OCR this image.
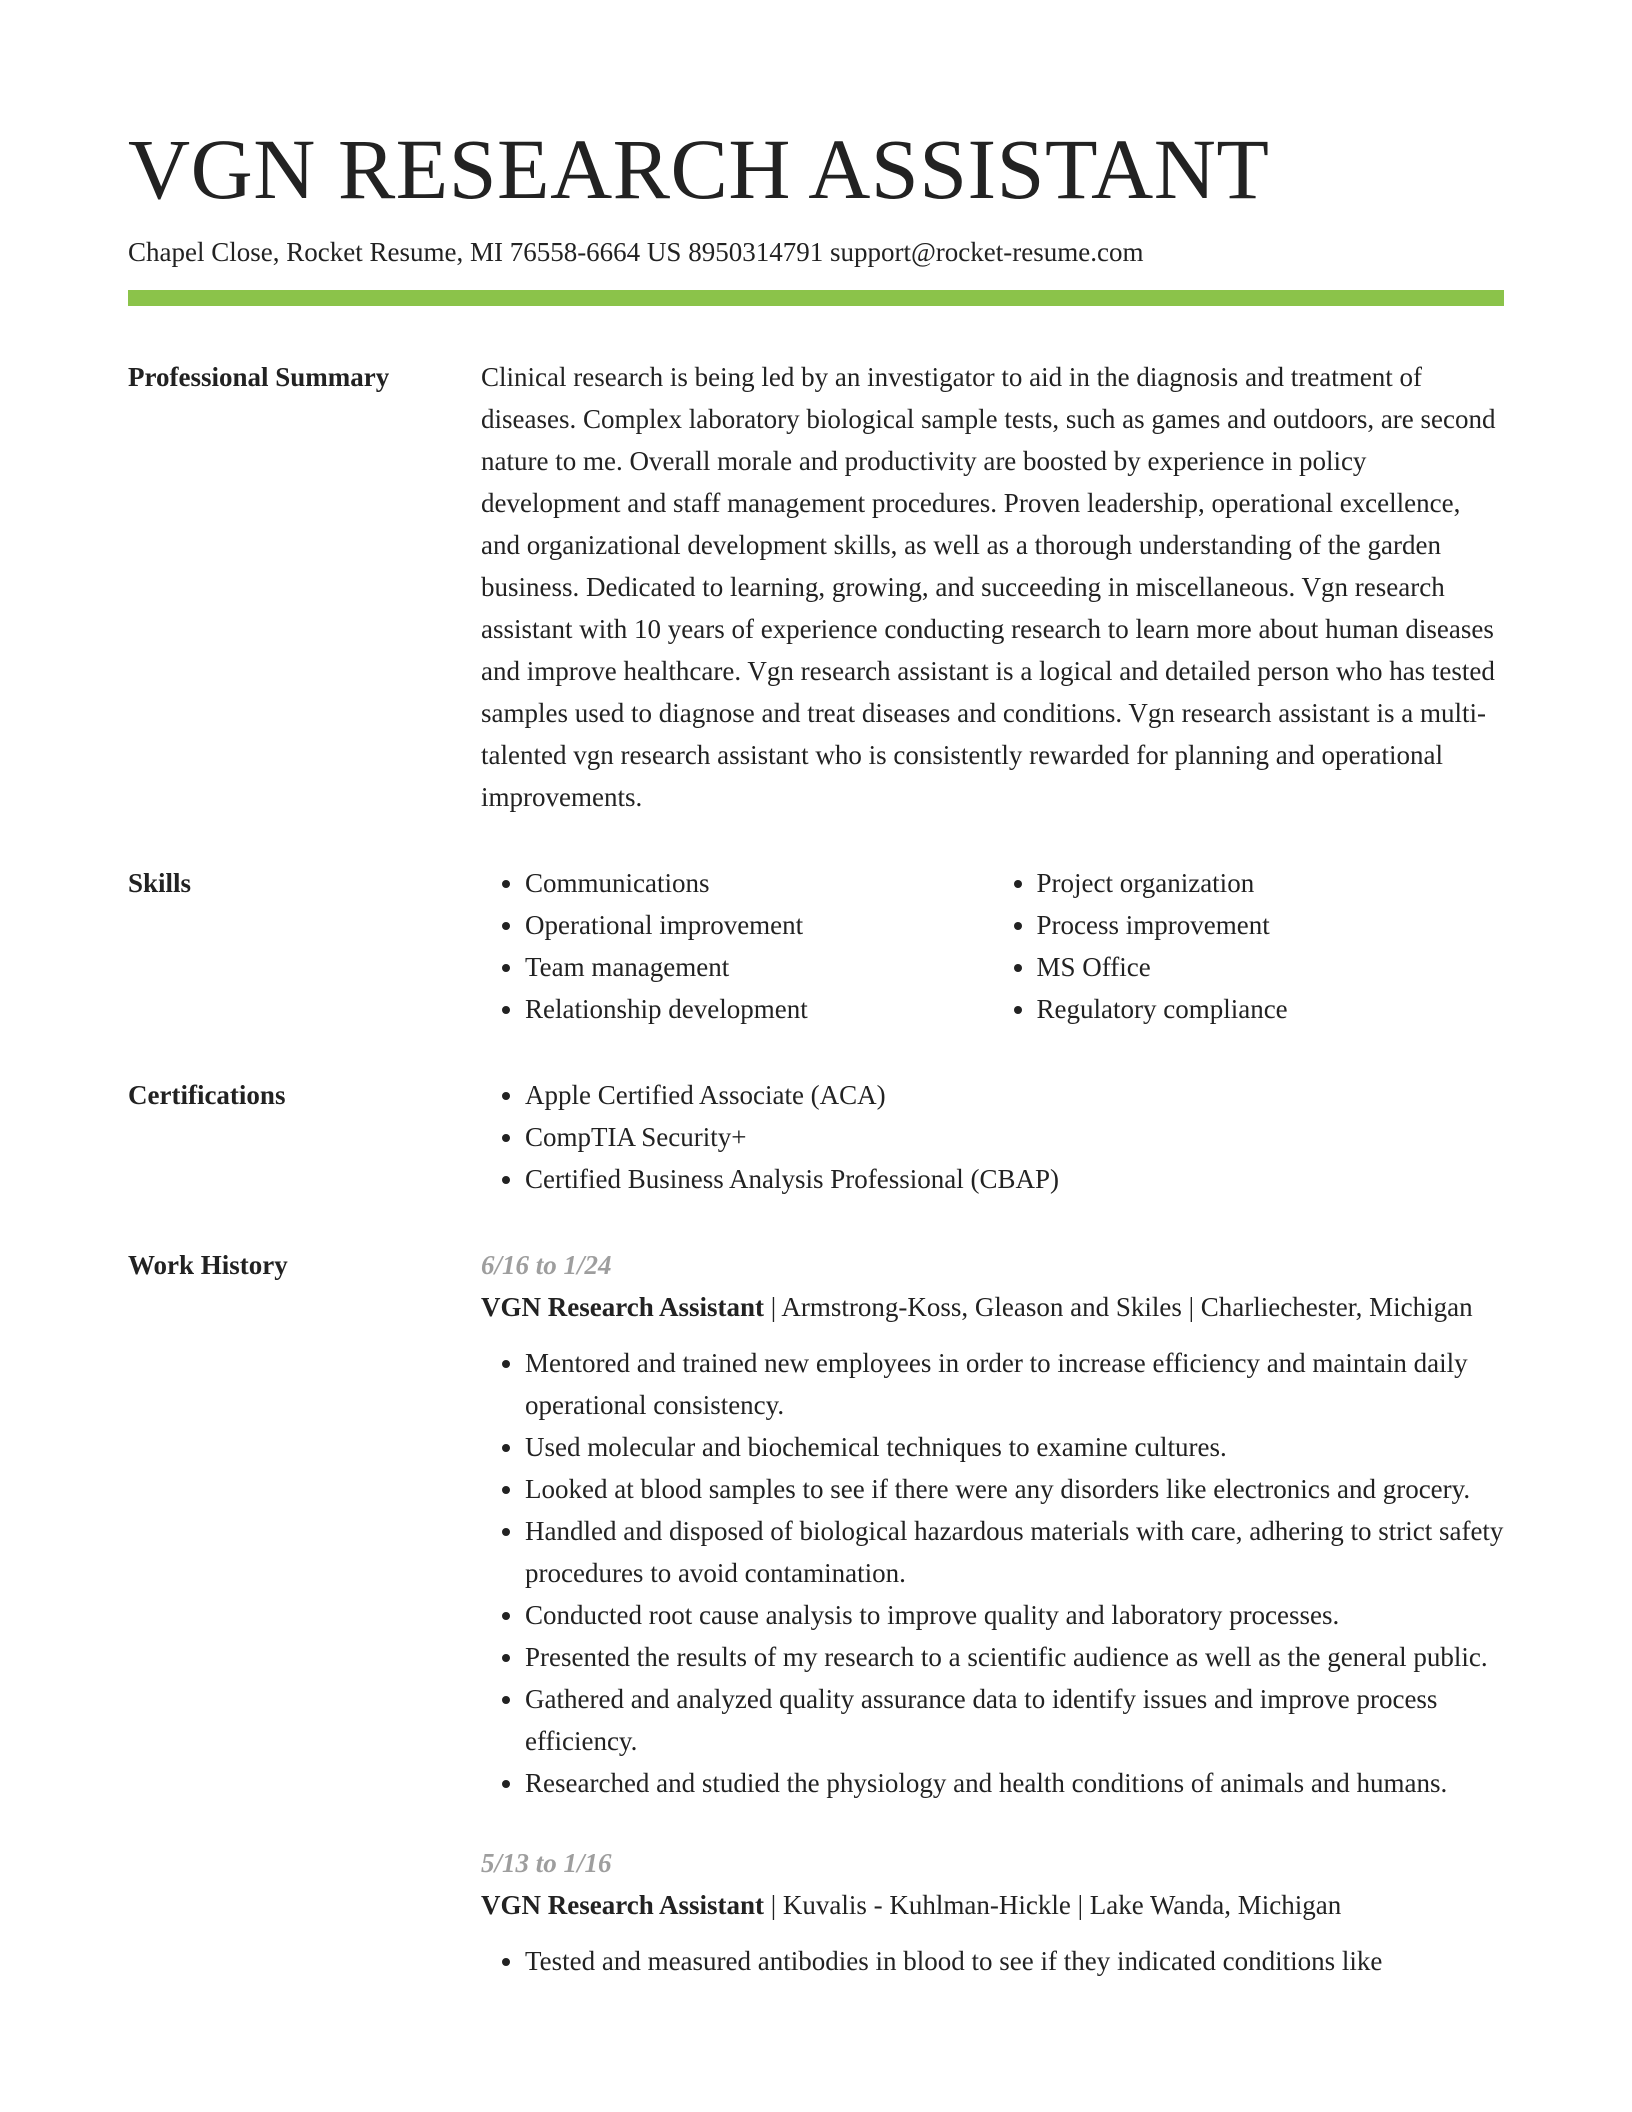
VGN RESEARCH ASSISTANT
Chapel Close, Rocket Resume, MI 76558-6664 US 8950314791 support@rocket-resume.com
Professional Summary	Clinical research is being led by an investigator to aid in the diagnosis and treatment of diseases. Complex laboratory biological sample tests, such as games and outdoors, are second nature to me. Overall morale and productivity are boosted by experience in policy development and staff management procedures. Proven leadership, operational excellence, and organizational development skills, as well as a thorough understanding of the garden business. Dedicated to learning, growing, and succeeding in miscellaneous. Vgn research assistant with 10 years of experience conducting research to learn more about human diseases and improve healthcare. Vgn research assistant is a logical and detailed person who has tested samples used to diagnose and treat diseases and conditions. Vgn research assistant is a multi-talented vgn research assistant who is consistently rewarded for planning and operational improvements.

Skills	• Communications
• Operational improvement
• Team management
• Relationship development
• Project organization
• Process improvement
• MS Office
• Regulatory compliance
Certifications	• Apple Certified Associate (ACA)
• CompTIA Security+
• Certified Business Analysis Professional (CBAP)
Work History	6/16 to 1/24
VGN Research Assistant | Armstrong-Koss, Gleason and Skiles | Charliechester, Michigan
• Mentored and trained new employees in order to increase efficiency and maintain daily operational consistency.
• Used molecular and biochemical techniques to examine cultures.
• Looked at blood samples to see if there were any disorders like electronics and grocery.
• Handled and disposed of biological hazardous materials with care, adhering to strict safety procedures to avoid contamination.
• Conducted root cause analysis to improve quality and laboratory processes.
• Presented the results of my research to a scientific audience as well as the general public.
• Gathered and analyzed quality assurance data to identify issues and improve process efficiency.
• Researched and studied the physiology and health conditions of animals and humans.
5/13 to 1/16
VGN Research Assistant | Kuvalis - Kuhlman-Hickle | Lake Wanda, Michigan
• Tested and measured antibodies in blood to see if they indicated conditions like
